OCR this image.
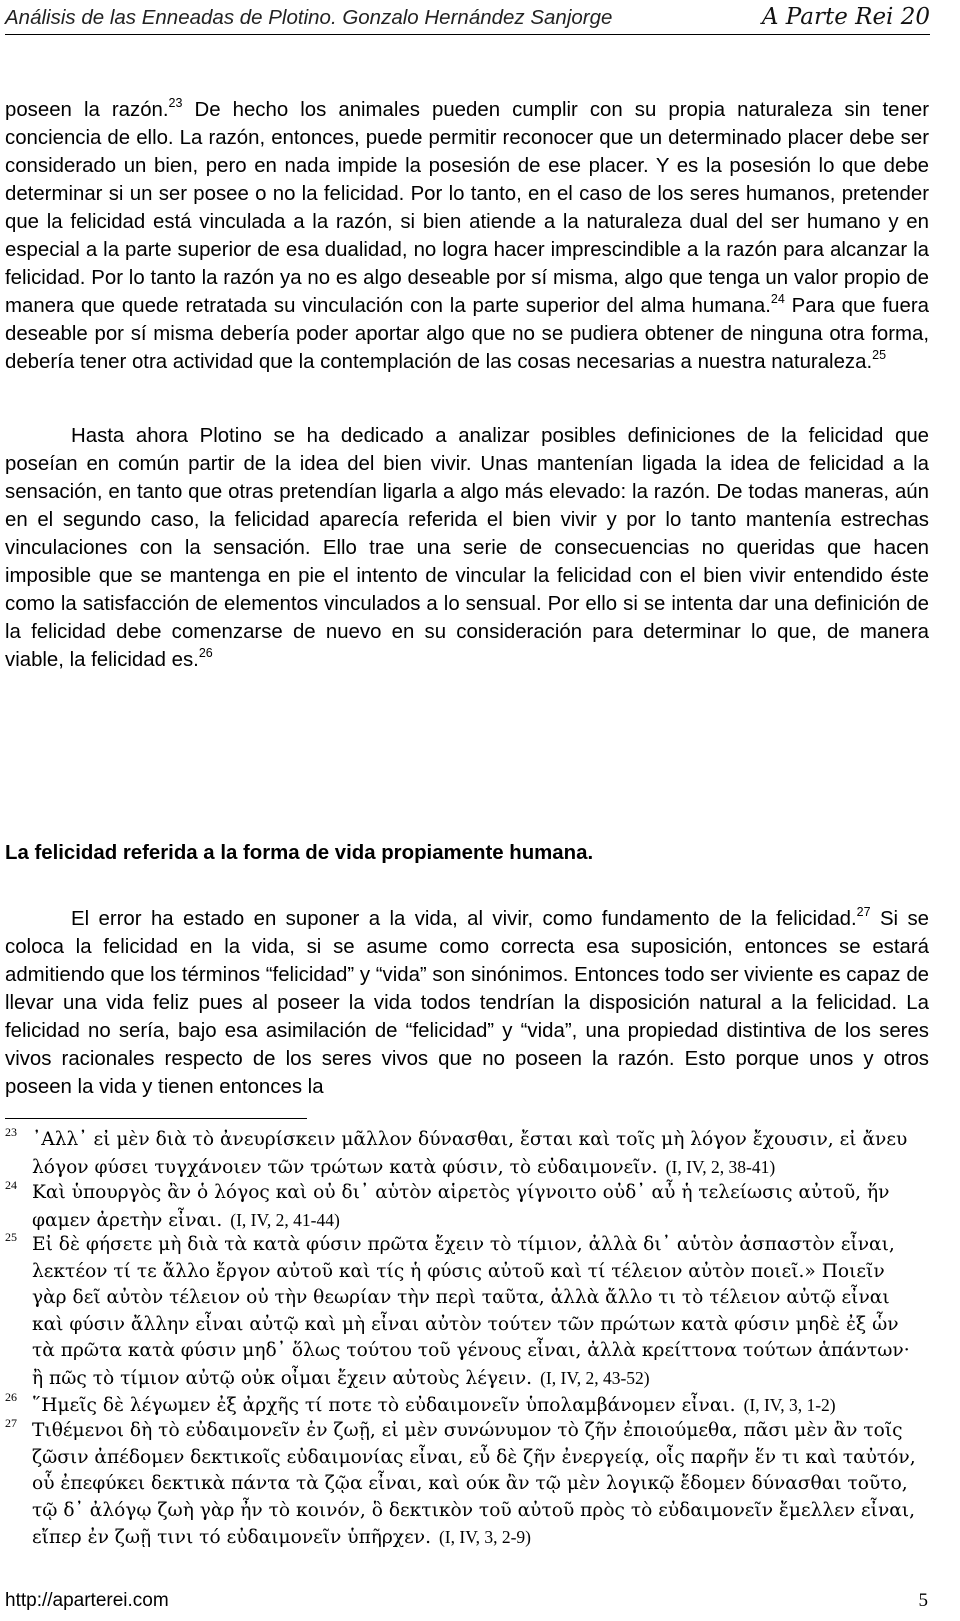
Análisis de las Enneadas de Plotino. Gonzalo Hernández Sanjorge	A Parte Rei 20

poseen la razón.$^{23}$ De hecho los animales pueden cumplir con su propia naturaleza sin tener conciencia de ello. La razón, entonces, puede permitir reconocer que un determinado placer debe ser considerado un bien, pero en nada impide la posesión de ese placer. Y es la posesión lo que debe determinar si un ser posee o no la felicidad. Por lo tanto, en el caso de los seres humanos, pretender que la felicidad está vinculada a la razón, si bien atiende a la naturaleza dual del ser humano y en especial a la parte superior de esa dualidad, no logra hacer imprescindible a la razón para alcanzar la felicidad. Por lo tanto la razón ya no es algo deseable por sí misma, algo que tenga un valor propio de manera que quede retratada su vinculación con la parte superior del alma humana.$^{24}$ Para que fuera deseable por sí misma debería poder aportar algo que no se pudiera obtener de ninguna otra forma, debería tener otra actividad que la contemplación de las cosas necesarias a nuestra naturaleza.$^{25}$

Hasta ahora Plotino se ha dedicado a analizar posibles definiciones de la felicidad que poseían en común partir de la idea del bien vivir. Unas mantenían ligada la idea de felicidad a la sensación, en tanto que otras pretendían ligarla a algo más elevado: la razón. De todas maneras, aún en el segundo caso, la felicidad aparecía referida el bien vivir y por lo tanto mantenía estrechas vinculaciones con la sensación. Ello trae una serie de consecuencias no queridas que hacen imposible que se mantenga en pie el intento de vincular la felicidad con el bien vivir entendido éste como la satisfacción de elementos vinculados a lo sensual. Por ello si se intenta dar una definición de la felicidad debe comenzarse de nuevo en su consideración para determinar lo que, de manera viable, la felicidad es.$^{26}$

La felicidad referida a la forma de vida propiamente humana.

El error ha estado en suponer a la vida, al vivir, como fundamento de la felicidad.$^{27}$ Si se coloca la felicidad en la vida, si se asume como correcta esa suposición, entonces se estará admitiendo que los términos “felicidad” y “vida” son sinónimos. Entonces todo ser viviente es capaz de llevar una vida feliz pues al poseer la vida todos tendrían la disposición natural a la felicidad. La felicidad no sería, bajo esa asimilación de “felicidad” y “vida”, una propiedad distintiva de los seres vivos racionales respecto de los seres vivos que no poseen la razón. Esto porque unos y otros poseen la vida y tienen entonces la

23 ᾿Αλλ᾿ εἰ μὲν διὰ τὸ ἀνευρίσκειν μᾶλλον δύνασθαι, ἔσται καὶ τοῖς μὴ λόγον ἔχουσιν, εἰ ἄνευ λόγον φύσει τυγχάνοιεν τῶν τρώτων κατὰ φύσιν, τὸ εὐδαιμονεῖν. (I, IV, 2, 38-41)
24 Καὶ ὑπουργὸς ἂν ὁ λόγος καὶ οὐ δι᾿ αὑτὸν αἱρετὸς γίγνοιτο οὐδ᾿ αὖ ἡ τελείωσις αὐτοῦ, ἥν φαμεν ἀρετὴν εἶναι. (I, IV, 2, 41-44)
25 Εἰ δὲ φήσετε μὴ διὰ τὰ κατὰ φύσιν πρῶτα ἔχειν τὸ τίμιον, ἀλλὰ δι᾿ αὑτὸν ἀσπαστὸν εἶναι, λεκτέον τί τε ἄλλο ἔργον αὐτοῦ καὶ τίς ἡ φύσις αὐτοῦ καὶ τί τέλειον αὐτὸν ποιεῖ.» Ποιεῖν γὰρ δεῖ αὐτὸν τέλειον οὐ τὴν θεωρίαν τὴν περὶ ταῦτα, ἀλλὰ ἄλλο τι τὸ τέλειον αὐτῷ εἶναι καὶ φύσιν ἄλλην εἶναι αὐτῷ καὶ μὴ εἶναι αὐτὸν τούτεν τῶν πρώτων κατὰ φύσιν μηδὲ ἐξ ὧν τὰ πρῶτα κατὰ φύσιν μηδ᾿ ὅλως τούτου τοῦ γένους εἶναι, ἀλλὰ κρείττονα τούτων ἁπάντων· ἢ πῶς τὸ τίμιον αὐτῷ οὐκ οἶμαι ἔχειν αὐτοὺς λέγειν. (I, IV, 2, 43-52)
26 ῞Ημεῖς δὲ λέγωμεν ἐξ ἀρχῆς τί ποτε τὸ εὐδαιμονεῖν ὑπολαμβάνομεν εἶναι. (I, IV, 3, 1-2)
27 Τιθέμενοι δὴ τὸ εὐδαιμονεῖν ἐν ζωῇ, εἰ μὲν συνώνυμον τὸ ζῆν ἐποιούμεθα, πᾶσι μὲν ἂν τοῖς ζῶσιν ἀπέδομεν δεκτικοῖς εὐδαιμονίας εἶναι, εὖ δὲ ζῆν ἐνεργείᾳ, οἷς παρῆν ἕν τι καὶ ταὐτόν, οὗ ἐπεφύκει δεκτικὰ πάντα τὰ ζῷα εἶναι, καὶ ούκ ἂν τῷ μὲν λογικῷ ἔδομεν δύνασθαι τοῦτο, τῷ δ᾿ ἀλόγῳ ζωὴ γὰρ ἦν τὸ κοινόν, ὃ δεκτικὸν τοῦ αὐτοῦ πρὸς τὸ εὐδαιμονεῖν ἔμελλεν εἶναι, εἴπερ ἐν ζωῇ τινι τό εὐδαιμονεῖν ὑπῆρχεν. (I, IV, 3, 2-9)
http://aparterei.com	5
